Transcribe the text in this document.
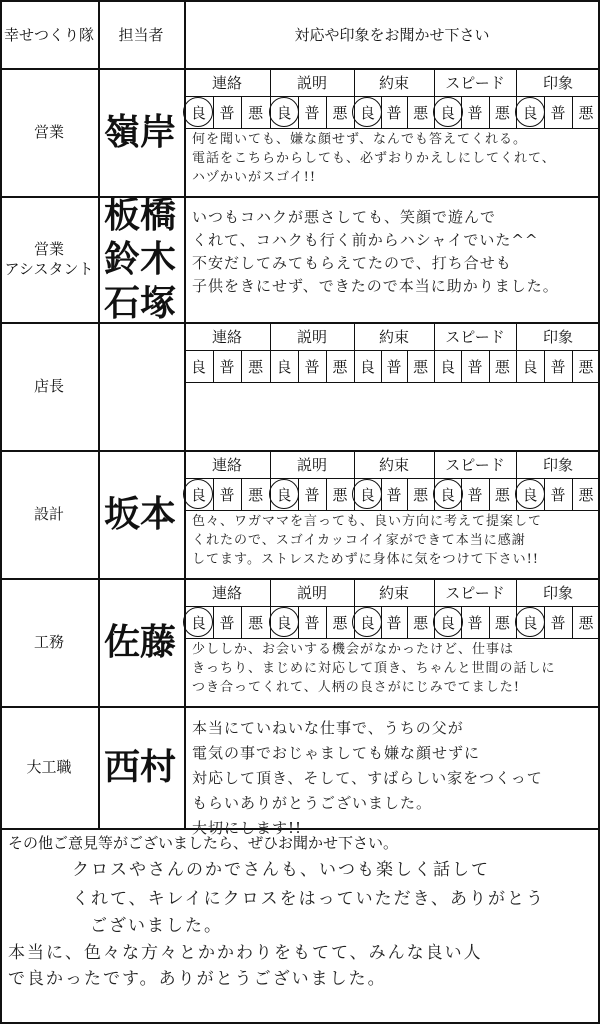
幸せつくり隊	担当者	対応や印象をお聞かせ下さい
営業 嶺岸
連絡
良 普 悪
説明
良 普 悪
約束
良 普 悪
スピード
良 普 悪
印象
良 普 悪
何を聞いても、嫌な顔せず、なんでも答えてくれる。
電話をこちらからしても、必ずおりかえしにしてくれて、
ハヅかいがスゴイ!!
営業
アシスタント
板橋
鈴木
石塚
いつもコハクが悪さしても、笑顔で遊んで
くれて、コハクも行く前からハシャイでいた^^
不安だしてみてもらえてたので、打ち合せも
子供をきにせず、できたので本当に助かりました。
店長
連絡
良 普 悪
説明
良 普 悪
約束
良 普 悪
スピード
良 普 悪
印象
良 普 悪
設計 坂本
連絡
良 普 悪
説明
良 普 悪
約束
良 普 悪
スピード
良 普 悪
印象
良 普 悪
色々、ワガママを言っても、良い方向に考えて提案して
くれたので、スゴイカッコイイ家ができて本当に感謝
してます。ストレスためずに身体に気をつけて下さい!!
工務 佐藤
連絡
良 普 悪
説明
良 普 悪
約束
良 普 悪
スピード
良 普 悪
印象
良 普 悪
少ししか、お会いする機会がなかったけど、仕事は
きっちり、まじめに対応して頂き、ちゃんと世間の話しに
つき合ってくれて、人柄の良さがにじみでてました!
大工職 西村
本当にていねいな仕事で、うちの父が
電気の事でおじゃましても嫌な顔せずに
対応して頂き、そして、すばらしい家をつくって
もらいありがとうございました。
大切にします!!
その他ご意見等がございましたら、ぜひお聞かせ下さい。
クロスやさんのかでさんも、いつも楽しく話して
くれて、キレイにクロスをはっていただき、ありがとう
ございました。
本当に、色々な方々とかかわりをもてて、みんな良い人
で良かったです。ありがとうございました。
